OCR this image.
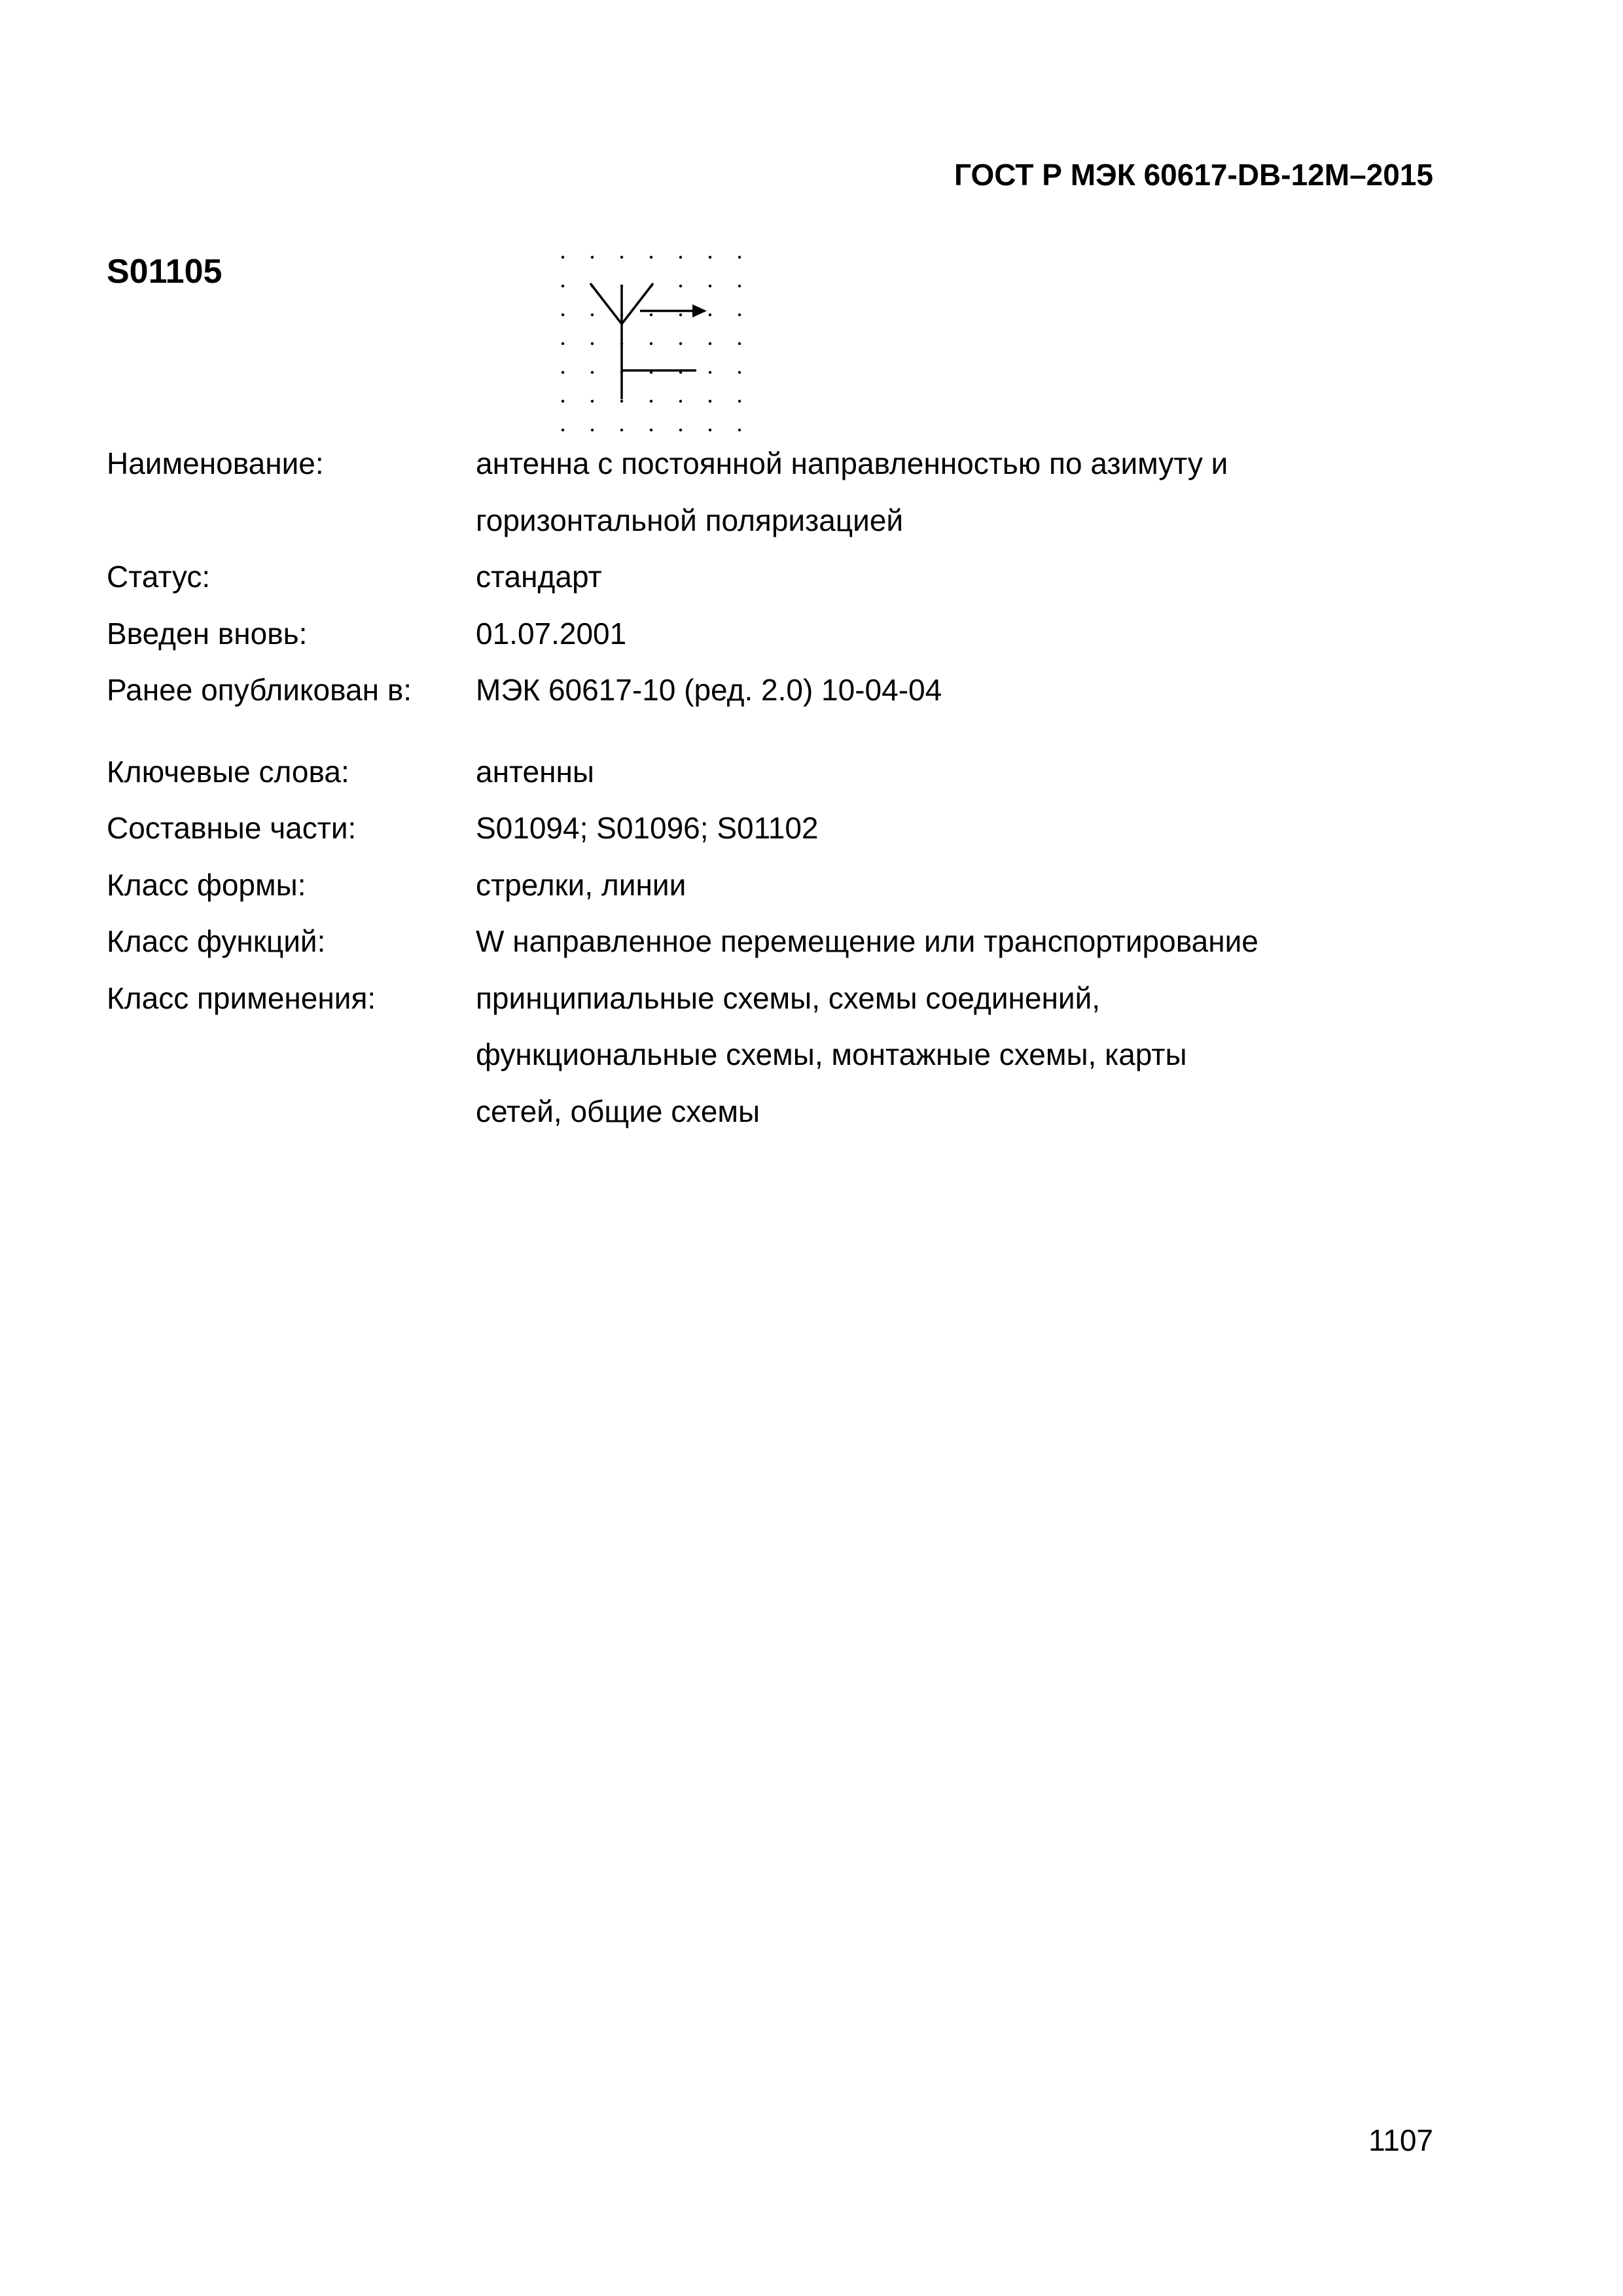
ГОСТ Р МЭК 60617-DB-12M–2015
S01105
Наименование:	антенна с постоянной направленностью по азимуту и
горизонтальной поляризацией
Статус:	стандарт
Введен вновь:	01.07.2001
Ранее опубликован в:	МЭК 60617-10 (ред. 2.0) 10-04-04
Ключевые слова:	антенны
Составные части:	S01094; S01096; S01102
Класс формы:	стрелки, линии
Класс функций:	W направленное перемещение или транспортирование
Класс применения:	принципиальные схемы, схемы соединений,
функциональные схемы, монтажные схемы, карты
сетей, общие схемы
1107
